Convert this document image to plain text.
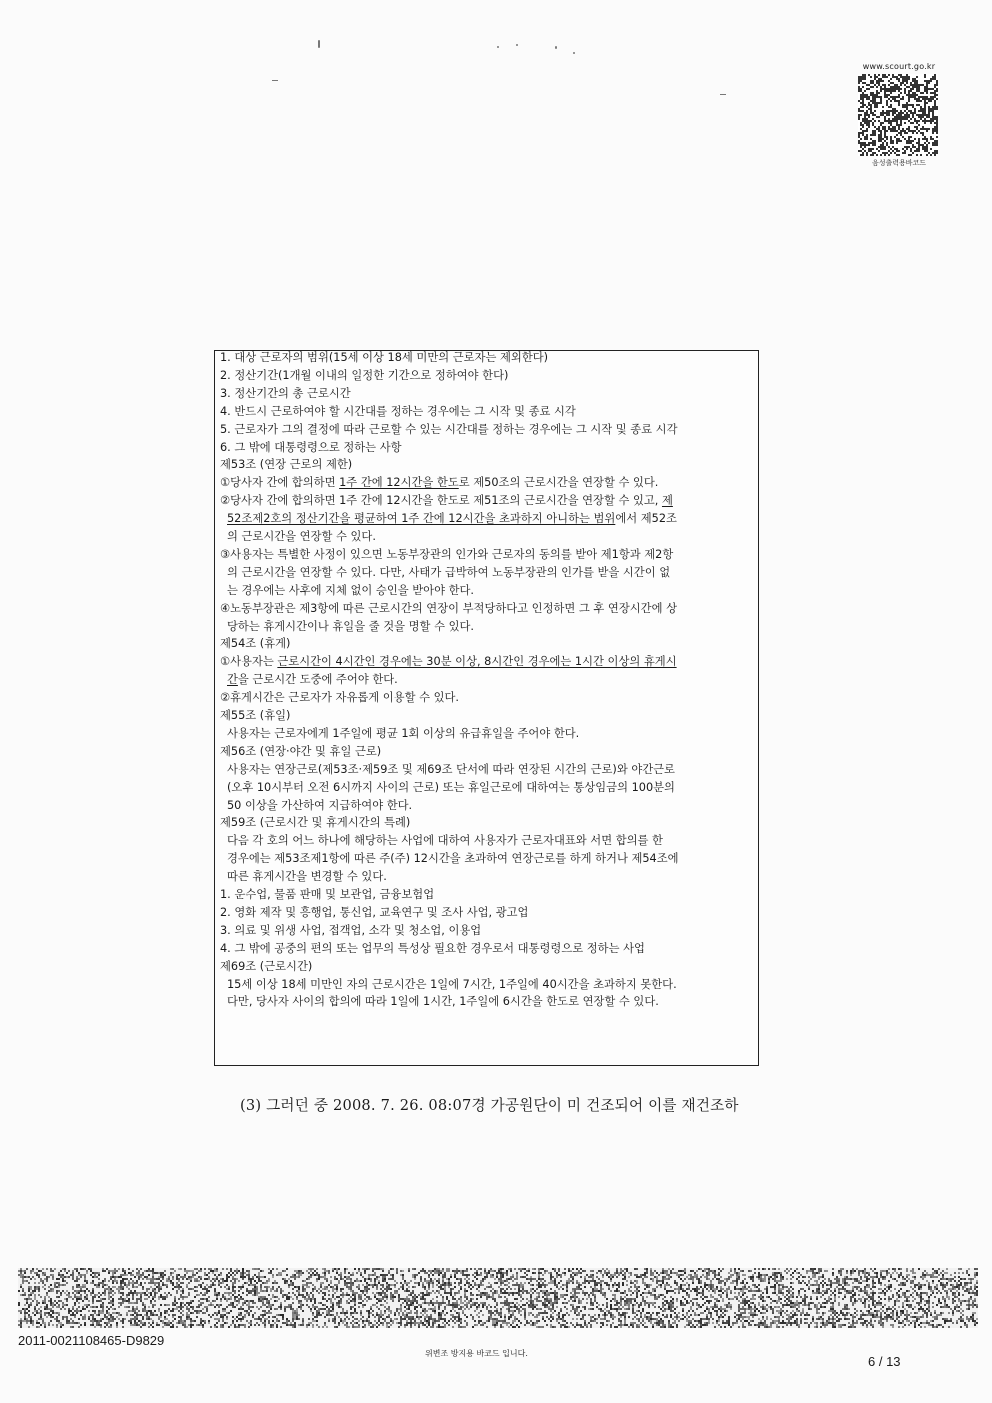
www.scourt.go.kr
음성출력용바코드
1. 대상 근로자의 범위(15세 이상 18세 미만의 근로자는 제외한다)
2. 정산기간(1개월 이내의 일정한 기간으로 정하여야 한다)
3. 정산기간의 총 근로시간
4. 반드시 근로하여야 할 시간대를 정하는 경우에는 그 시작 및 종료 시각
5. 근로자가 그의 결정에 따라 근로할 수 있는 시간대를 정하는 경우에는 그 시작 및 종료 시각
6. 그 밖에 대통령령으로 정하는 사항
제53조 (연장 근로의 제한)
①당사자 간에 합의하면 1주 간에 12시간을 한도로 제50조의 근로시간을 연장할 수 있다.
②당사자 간에 합의하면 1주 간에 12시간을 한도로 제51조의 근로시간을 연장할 수 있고, 제
52조제2호의 정산기간을 평균하여 1주 간에 12시간을 초과하지 아니하는 범위에서 제52조
의 근로시간을 연장할 수 있다.
③사용자는 특별한 사정이 있으면 노동부장관의 인가와 근로자의 동의를 받아 제1항과 제2항
의 근로시간을 연장할 수 있다. 다만, 사태가 급박하여 노동부장관의 인가를 받을 시간이 없
는 경우에는 사후에 지체 없이 승인을 받아야 한다.
④노동부장관은 제3항에 따른 근로시간의 연장이 부적당하다고 인정하면 그 후 연장시간에 상
당하는 휴게시간이나 휴일을 줄 것을 명할 수 있다.
제54조 (휴게)
①사용자는 근로시간이 4시간인 경우에는 30분 이상, 8시간인 경우에는 1시간 이상의 휴게시
간을 근로시간 도중에 주어야 한다.
②휴게시간은 근로자가 자유롭게 이용할 수 있다.
제55조 (휴일)
사용자는 근로자에게 1주일에 평균 1회 이상의 유급휴일을 주어야 한다.
제56조 (연장·야간 및 휴일 근로)
사용자는 연장근로(제53조·제59조 및 제69조 단서에 따라 연장된 시간의 근로)와 야간근로
(오후 10시부터 오전 6시까지 사이의 근로) 또는 휴일근로에 대하여는 통상임금의 100분의
50 이상을 가산하여 지급하여야 한다.
제59조 (근로시간 및 휴게시간의 특례)
다음 각 호의 어느 하나에 해당하는 사업에 대하여 사용자가 근로자대표와 서면 합의를 한
경우에는 제53조제1항에 따른 주(주) 12시간을 초과하여 연장근로를 하게 하거나 제54조에
따른 휴게시간을 변경할 수 있다.
1. 운수업, 물품 판매 및 보관업, 금융보험업
2. 영화 제작 및 흥행업, 통신업, 교육연구 및 조사 사업, 광고업
3. 의료 및 위생 사업, 접객업, 소각 및 청소업, 이용업
4. 그 밖에 공중의 편의 또는 업무의 특성상 필요한 경우로서 대통령령으로 정하는 사업
제69조 (근로시간)
15세 이상 18세 미만인 자의 근로시간은 1일에 7시간, 1주일에 40시간을 초과하지 못한다.
다만, 당사자 사이의 합의에 따라 1일에 1시간, 1주일에 6시간을 한도로 연장할 수 있다.
(3) 그러던 중 2008. 7. 26. 08:07경 가공원단이 미 건조되어 이를 재건조하
2011-0021108465-D9829
위변조 방지용 바코드 입니다.
6 / 13
